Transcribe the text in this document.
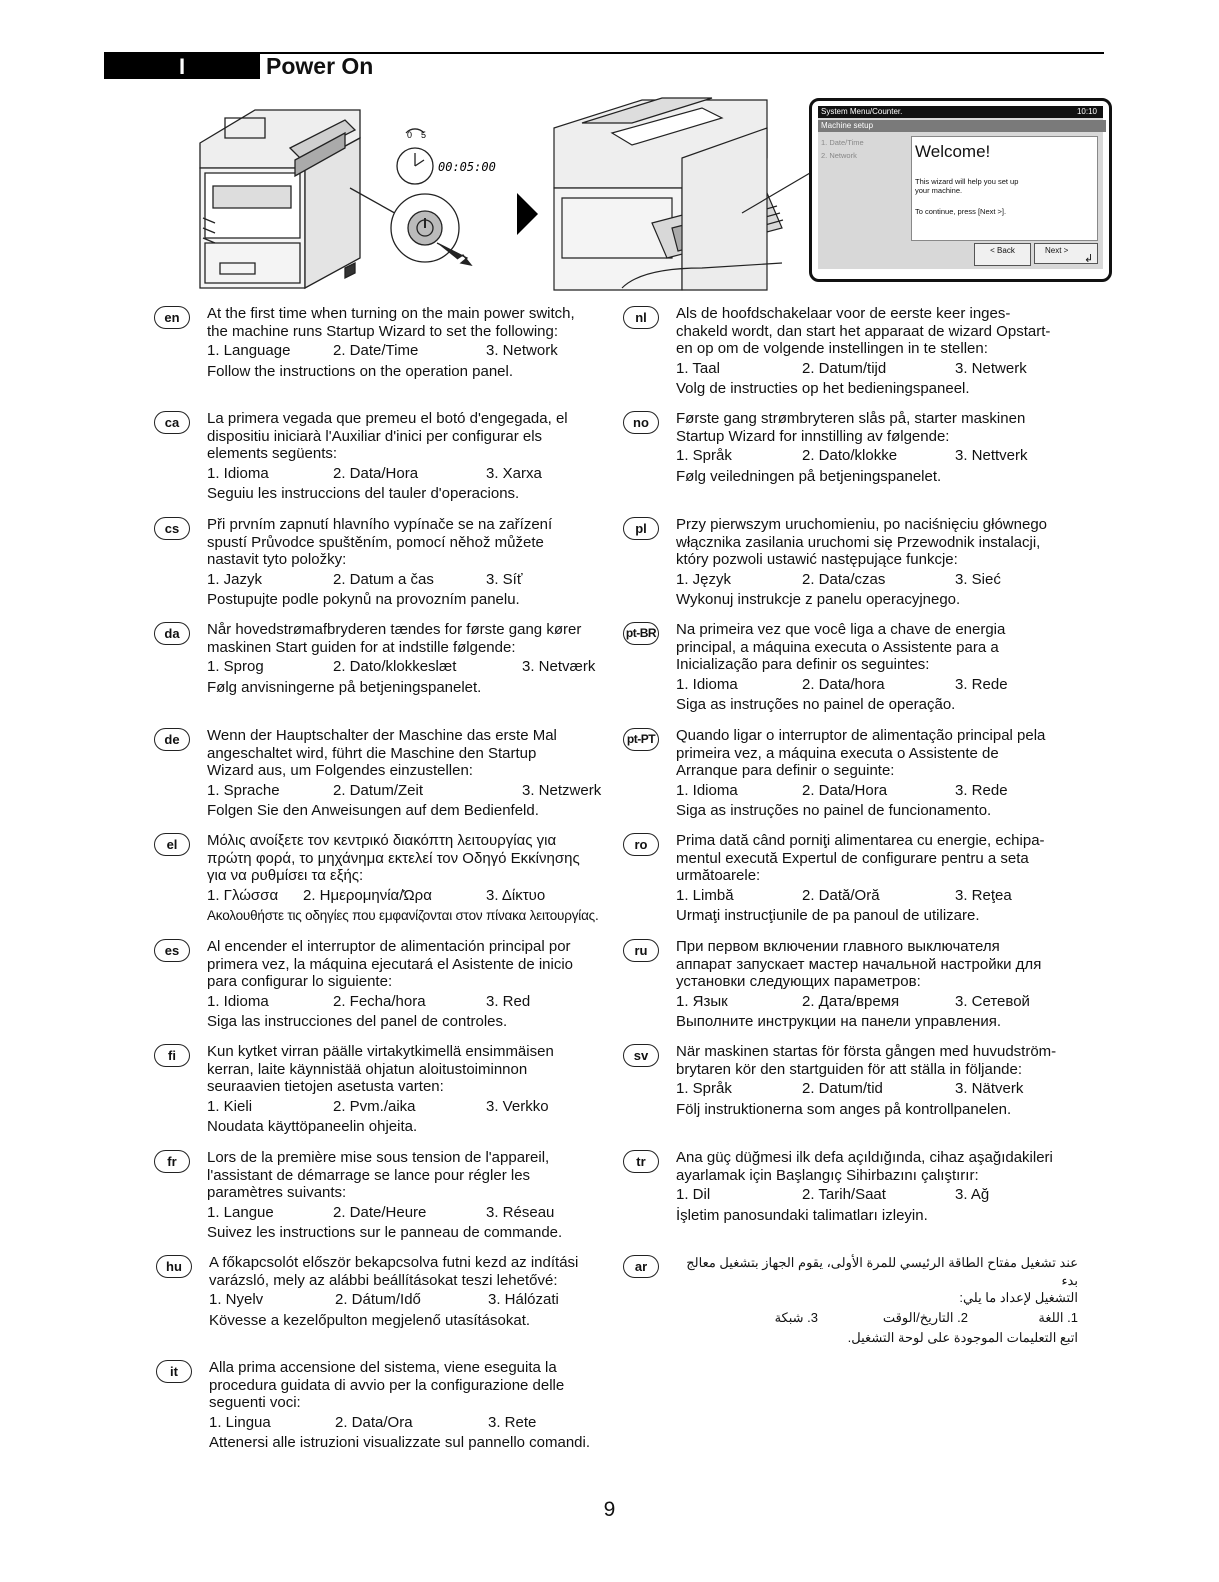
I	Power On
0 5
00:05:00
System Menu/Counter.	10:10
Machine setup
1. Date/Time
2. Network	Welcome!
This wizard will help you set up
your machine.
To continue, press [Next >].
< Back	Next >
↲
en	At the first time when turning on the main power switch,
the machine runs Startup Wizard to set the following:

1. Language	2. Date/Time	3. Network

Follow the instructions on the operation panel.

ca	La primera vegada que premeu el botó d'engegada, el
dispositiu iniciarà l'Auxiliar d'inici per configurar els
elements següents:

1. Idioma	2. Data/Hora	3. Xarxa

Seguiu les instruccions del tauler d'operacions.

cs	Při prvním zapnutí hlavního vypínače se na zařízení
spustí Průvodce spuštěním, pomocí něhož můžete
nastavit tyto položky:

1. Jazyk	2. Datum a čas	3. Síť

Postupujte podle pokynů na provozním panelu.

da	Når hovedstrømafbryderen tændes for første gang kører
maskinen Start guiden for at indstille følgende:

1. Sprog	2. Dato/klokkeslæt	3. Netværk

Følg anvisningerne på betjeningspanelet.

de	Wenn der Hauptschalter der Maschine das erste Mal
angeschaltet wird, führt die Maschine den Startup
Wizard aus, um Folgendes einzustellen:

1. Sprache	2. Datum/Zeit	3. Netzwerk

Folgen Sie den Anweisungen auf dem Bedienfeld.

el	Μόλις ανοίξετε τον κεντρικό διακόπτη λειτουργίας για
πρώτη φορά, το μηχάνημα εκτελεί τον Οδηγό Εκκίνησης
για να ρυθμίσει τα εξής:

1. Γλώσσα	2. Ημερομηνία/Ώρα	3. Δίκτυο

Ακολουθήστε τις οδηγίες που εμφανίζονται στον πίνακα λειτουργίας.

es	Al encender el interruptor de alimentación principal por
primera vez, la máquina ejecutará el Asistente de inicio
para configurar lo siguiente:

1. Idioma	2. Fecha/hora	3. Red

Siga las instrucciones del panel de controles.

fi	Kun kytket virran päälle virtakytkimellä ensimmäisen
kerran, laite käynnistää ohjatun aloitustoiminnon
seuraavien tietojen asetusta varten:

1. Kieli	2. Pvm./aika	3. Verkko

Noudata käyttöpaneelin ohjeita.

fr	Lors de la première mise sous tension de l'appareil,
l'assistant de démarrage se lance pour régler les
paramètres suivants:

1. Langue	2. Date/Heure	3. Réseau

Suivez les instructions sur le panneau de commande.

hu	A főkapcsolót először bekapcsolva futni kezd az indítási
varázsló, mely az alábbi beállításokat teszi lehetővé:

1. Nyelv	2. Dátum/Idő	3. Hálózati

Kövesse a kezelőpulton megjelenő utasításokat.

it	Alla prima accensione del sistema, viene eseguita la
procedura guidata di avvio per la configurazione delle
seguenti voci:

1. Lingua	2. Data/Ora	3. Rete

Attenersi alle istruzioni visualizzate sul pannello comandi.

nl	Als de hoofdschakelaar voor de eerste keer inges-
chakeld wordt, dan start het apparaat de wizard Opstart-
en op om de volgende instellingen in te stellen:

1. Taal	2. Datum/tijd	3. Netwerk

Volg de instructies op het bedieningspaneel.

no	Første gang strømbryteren slås på, starter maskinen
Startup Wizard for innstilling av følgende:

1. Språk	2. Dato/klokke	3. Nettverk

Følg veiledningen på betjeningspanelet.

pl	Przy pierwszym uruchomieniu, po naciśnięciu głównego
włącznika zasilania uruchomi się Przewodnik instalacji,
który pozwoli ustawić następujące funkcje:

1. Język	2. Data/czas	3. Sieć

Wykonuj instrukcje z panelu operacyjnego.

pt-BR Na primeira vez que você liga a chave de energia
principal, a máquina executa o Assistente para a
Inicialização para definir os seguintes:

1. Idioma	2. Data/hora	3. Rede

Siga as instruções no painel de operação.

pt-PT Quando ligar o interruptor de alimentação principal pela
primeira vez, a máquina executa o Assistente de
Arranque para definir o seguinte:

1. Idioma	2. Data/Hora	3. Rede

Siga as instruções no painel de funcionamento.

ro	Prima dată când porniţi alimentarea cu energie, echipa-
mentul execută Expertul de configurare pentru a seta
următoarele:

1. Limbă	2. Dată/Oră	3. Reţea

Urmaţi instrucţiunile de pa panoul de utilizare.

ru	При первом включении главного выключателя
аппарат запускает мастер начальной настройки для
установки следующих параметров:

1. Язык	2. Дата/время	3. Сетевой

Выполните инструкции на панели управления.

sv	När maskinen startas för första gången med huvudström-
brytaren kör den startguiden för att ställa in följande:

1. Språk	2. Datum/tid	3. Nätverk

Följ instruktionerna som anges på kontrollpanelen.

tr	Ana güç düğmesi ilk defa açıldığında, cihaz aşağıdakileri
ayarlamak için Başlangıç Sihirbazını çalıştırır:

1. Dil	2. Tarih/Saat	3. Ağ

İşletim panosundaki talimatları izleyin.

ar	عند تشغيل مفتاح الطاقة الرئيسي للمرة الأولى، يقوم الجهاز بتشغيل معالج بدء
التشغيل لإعداد ما يلي:

1. اللغة
2. التاريخ/الوقت
3. شبكة

اتبع التعليمات الموجودة على لوحة التشغيل.

9
